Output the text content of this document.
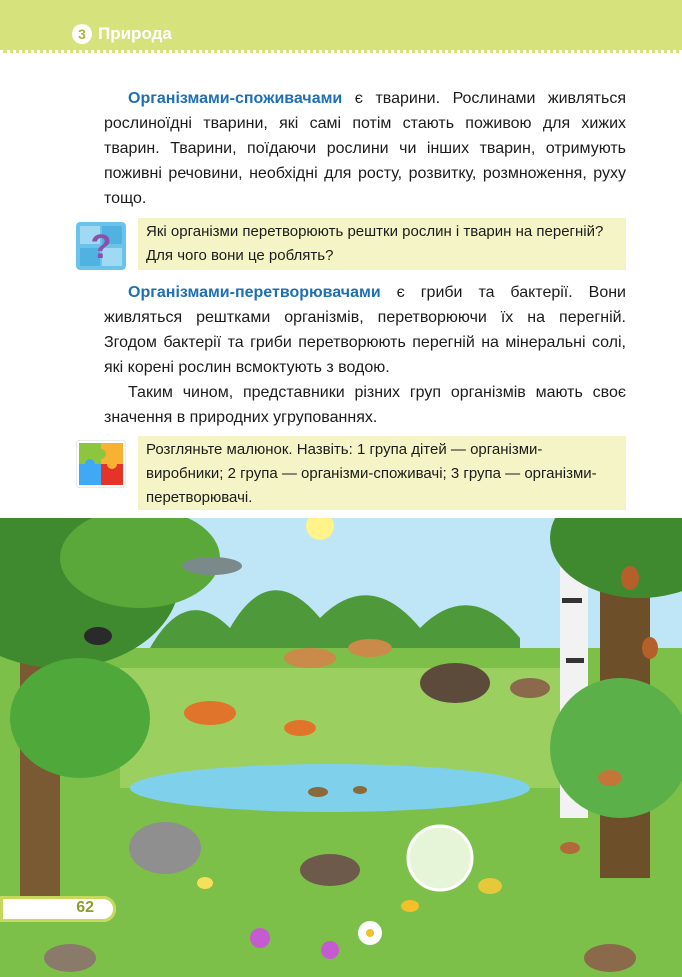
3 Природа

Організмами-споживачами є тварини. Рослинами живляться рослиноїдні тварини, які самі потім стають поживою для хижих тварин. Тварини, поїдаючи рослини чи інших тварин, отримують поживні речовини, необхідні для росту, розвитку, розмноження, руху тощо.

? Які організми перетворюють рештки рослин і тварин на перегній? Для чого вони це роблять?

Організмами-перетворювачами є гриби та бактерії. Вони живляться рештками організмів, перетворюючи їх на перегній. Згодом бактерії та гриби перетворюють перегній на мінеральні солі, які корені рослин всмоктують з водою.

Таким чином, представники різних груп організмів мають своє значення в природних угрупованнях.

Розгляньте малюнок. Назвіть: 1 група дітей — організми-виробники; 2 група — організми-споживачі; 3 група — організми-перетворювачі.
62
